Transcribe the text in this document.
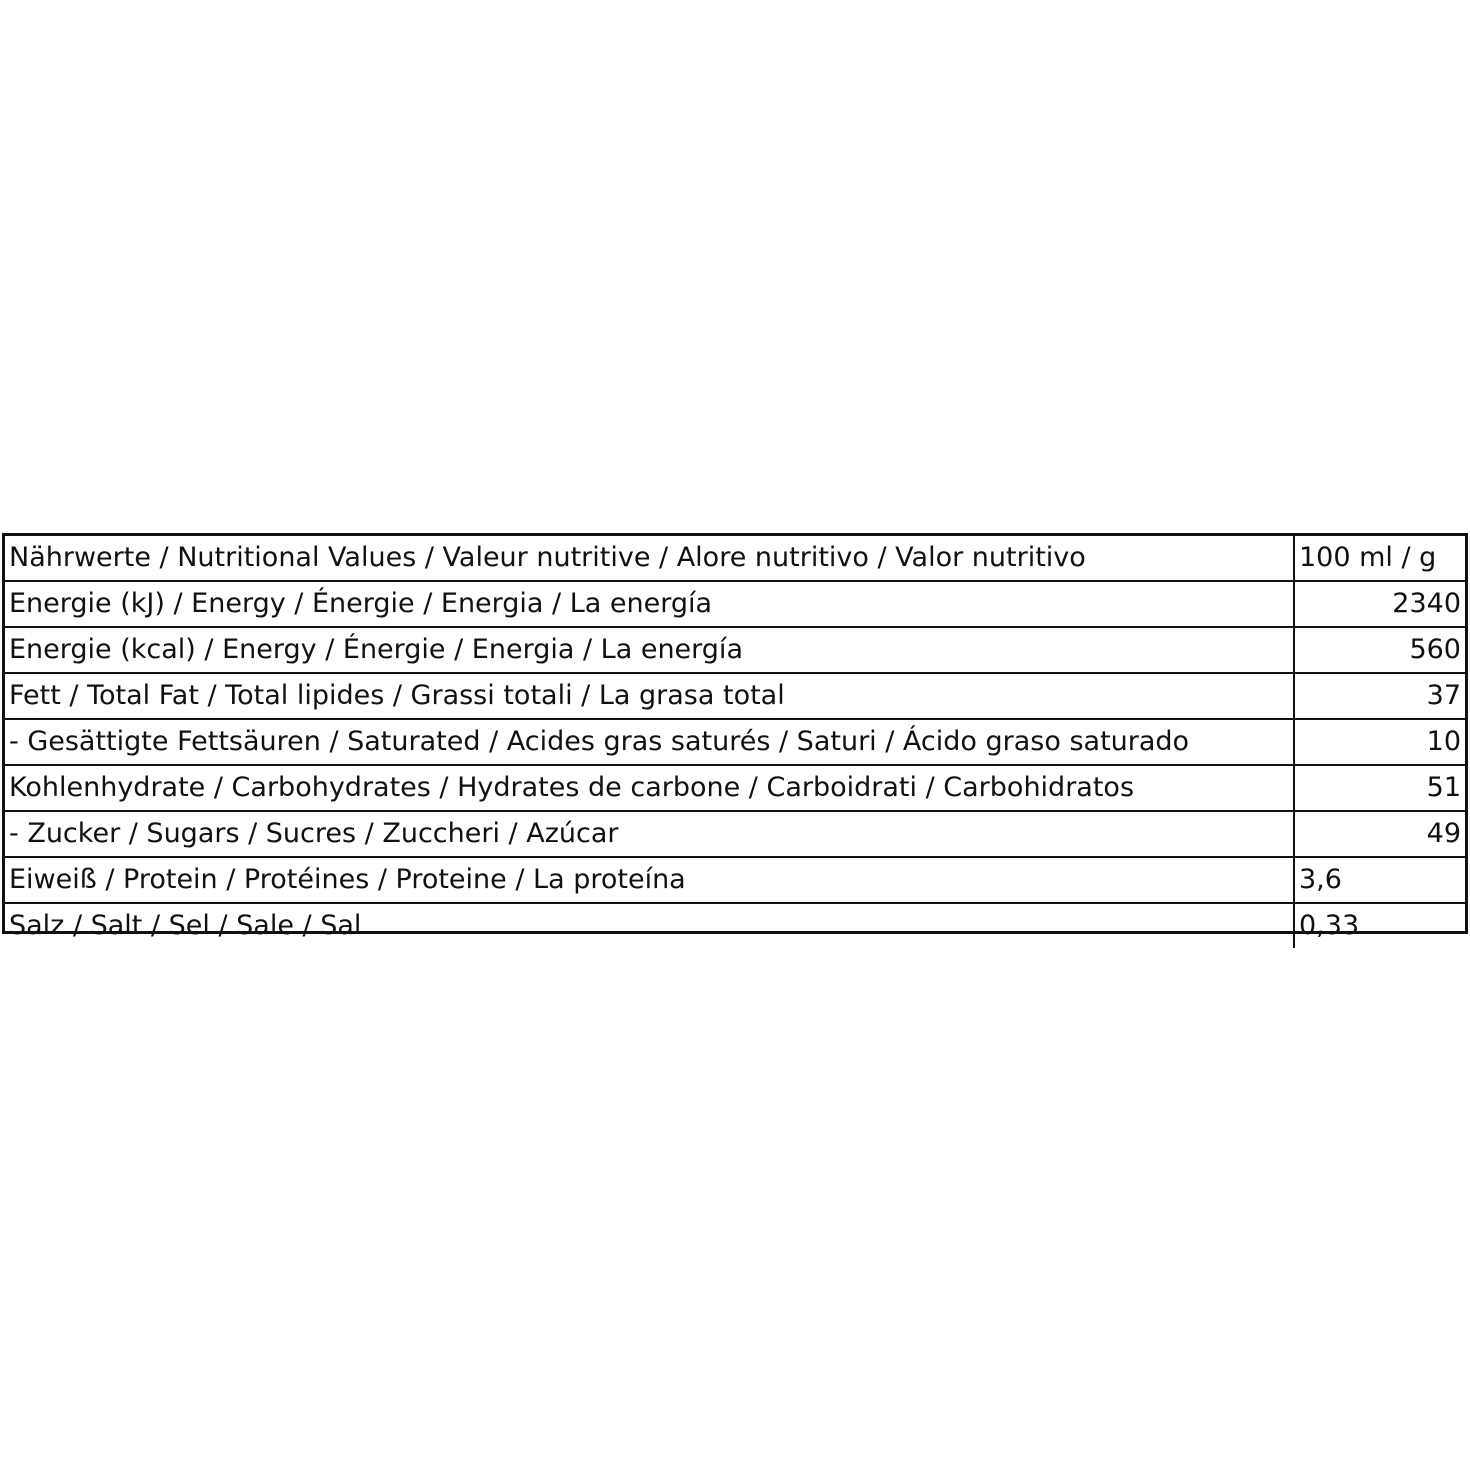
Nährwerte / Nutritional Values / Valeur nutritive / Alore nutritivo / Valor nutritivo	100 ml / g
Energie (kJ) / Energy / Énergie / Energia / La energía	2340
Energie (kcal) / Energy / Énergie / Energia / La energía	560
Fett / Total Fat / Total lipides / Grassi totali / La grasa total	37
- Gesättigte Fettsäuren / Saturated / Acides gras saturés / Saturi / Ácido graso saturado	10
Kohlenhydrate / Carbohydrates / Hydrates de carbone / Carboidrati / Carbohidratos	51
- Zucker / Sugars / Sucres / Zuccheri / Azúcar	49
Eiweiß / Protein / Protéines / Proteine / La proteína	3,6
Salz / Salt / Sel / Sale / Sal	0,33
